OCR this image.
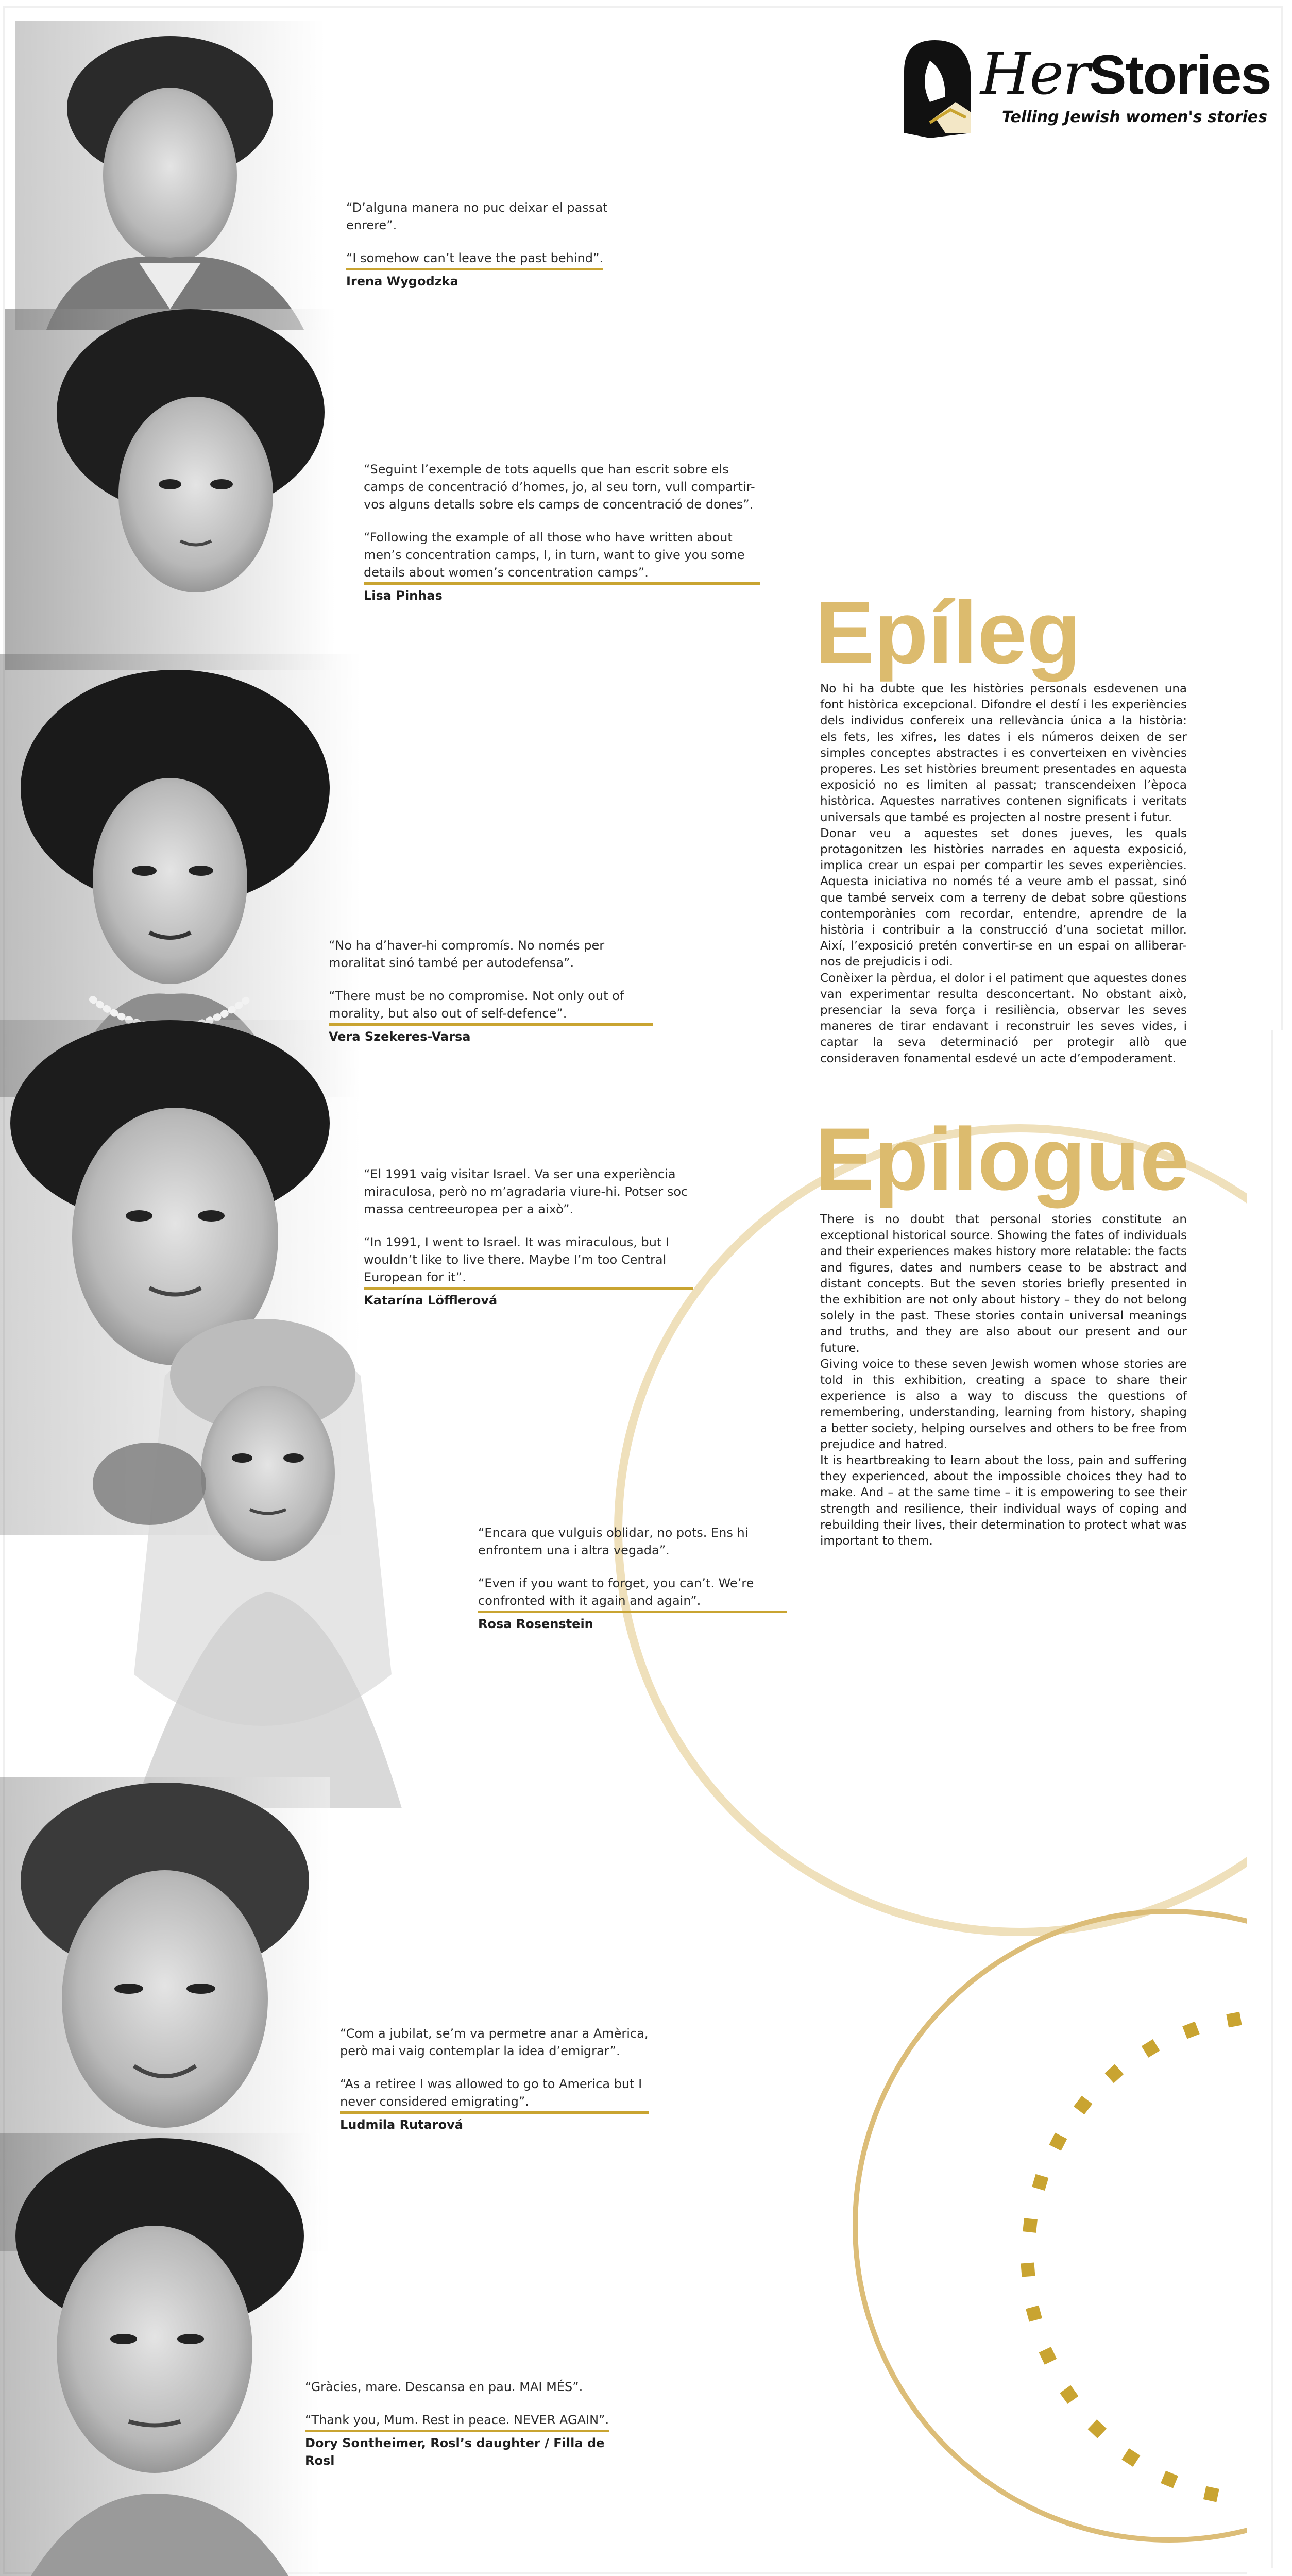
HerStories
Telling Jewish women's stories

“D’alguna manera no puc deixar el passat enrere”.

“I somehow can’t leave the past behind”.

Irena Wygodzka

“Seguint l’exemple de tots aquells que han escrit sobre els camps de concentració d’homes, jo, al seu torn, vull compartir-vos alguns detalls sobre els camps de concentració de dones”.

“Following the example of all those who have written about men’s concentration camps, I, in turn, want to give you some details about women’s concentration camps”.

Lisa Pinhas

“No ha d’haver-hi compromís. No només per moralitat sinó també per autodefensa”.

“There must be no compromise. Not only out of morality, but also out of self-defence”.

Vera Szekeres-Varsa

“El 1991 vaig visitar Israel. Va ser una experiència miraculosa, però no m’agradaria viure-hi. Potser soc massa centreeuropea per a això”.

“In 1991, I went to Israel. It was miraculous, but I wouldn’t like to live there. Maybe I’m too Central European for it”.

Katarína Löfflerová

“Encara que vulguis oblidar, no pots. Ens hi enfrontem una i altra vegada”.

“Even if you want to forget, you can’t. We’re confronted with it again and again”.

Rosa Rosenstein

“Com a jubilat, se’m va permetre anar a Amèrica, però mai vaig contemplar la idea d’emigrar”.

“As a retiree I was allowed to go to America but I never considered emigrating”.

Ludmila Rutarová

“Gràcies, mare. Descansa en pau. MAI MÉS”.

“Thank you, Mum. Rest in peace. NEVER AGAIN”.

Dory Sontheimer, Rosl’s daughter / Filla de Rosl

Epíleg

No hi ha dubte que les històries personals esdevenen una font històrica excepcional. Difondre el destí i les experiències dels individus confereix una rellevància única a la història: els fets, les xifres, les dates i els números deixen de ser simples conceptes abstractes i es converteixen en vivències properes. Les set històries breument presentades en aquesta exposició no es limiten al passat; transcendeixen l’època històrica. Aquestes narratives contenen significats i veritats universals que també es projecten al nostre present i futur.

Donar veu a aquestes set dones jueves, les quals protagonitzen les històries narrades en aquesta exposició, implica crear un espai per compartir les seves experiències. Aquesta iniciativa no només té a veure amb el passat, sinó que també serveix com a terreny de debat sobre qüestions contemporànies com recordar, entendre, aprendre de la història i contribuir a la construcció d’una societat millor. Així, l’exposició pretén convertir-se en un espai on alliberar-nos de prejudicis i odi.

Conèixer la pèrdua, el dolor i el patiment que aquestes dones van experimentar resulta desconcertant. No obstant això, presenciar la seva força i resiliència, observar les seves maneres de tirar endavant i reconstruir les seves vides, i captar la seva determinació per protegir allò que consideraven fonamental esdevé un acte d’empoderament.

Epilogue

There is no doubt that personal stories constitute an exceptional historical source. Showing the fates of individuals and their experiences makes history more relatable: the facts and figures, dates and numbers cease to be abstract and distant concepts. But the seven stories briefly presented in the exhibition are not only about history – they do not belong solely in the past. These stories contain universal meanings and truths, and they are also about our present and our future.

Giving voice to these seven Jewish women whose stories are told in this exhibition, creating a space to share their experience is also a way to discuss the questions of remembering, understanding, learning from history, shaping a better society, helping ourselves and others to be free from prejudice and hatred.

It is heartbreaking to learn about the loss, pain and suffering they experienced, about the impossible choices they had to make. And – at the same time – it is empowering to see their strength and resilience, their individual ways of coping and rebuilding their lives, their determination to protect what was important to them.
